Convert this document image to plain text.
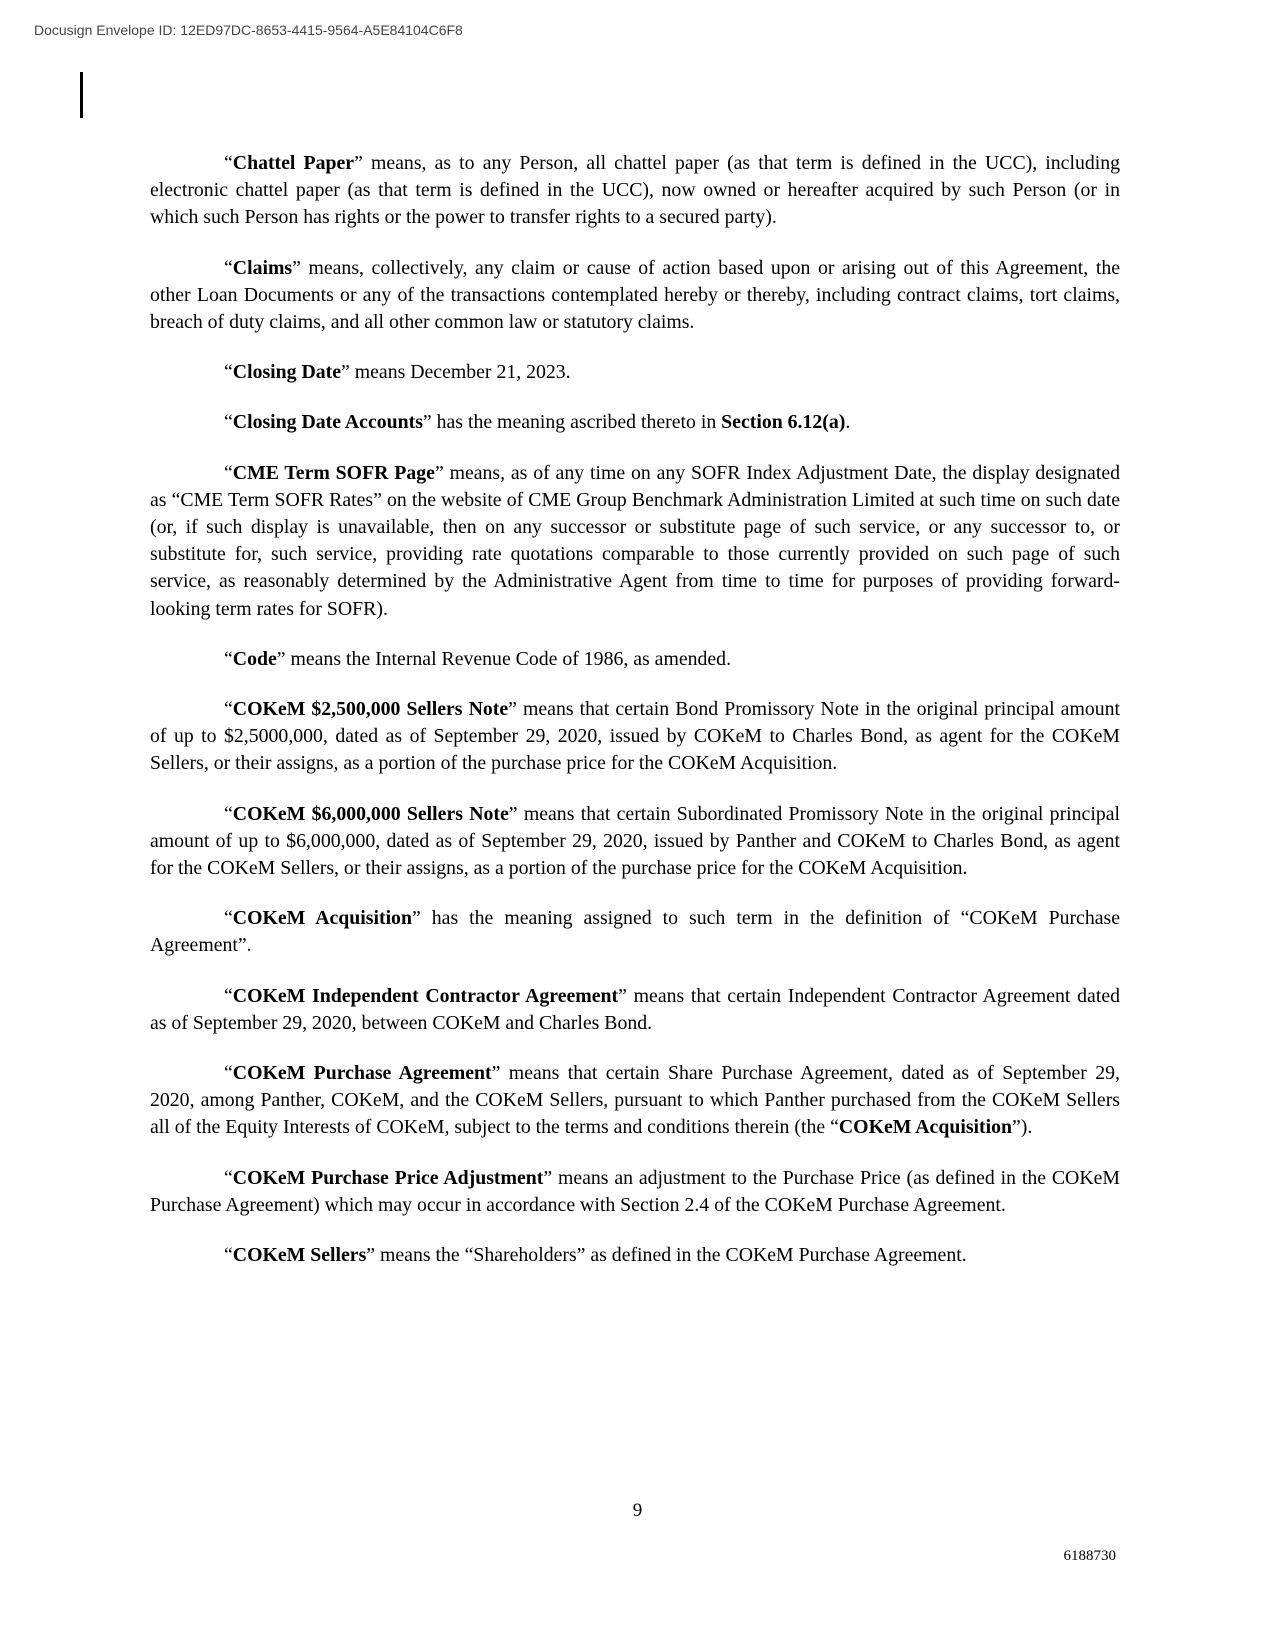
Docusign Envelope ID: 12ED97DC-8653-4415-9564-A5E84104C6F8

“Chattel Paper” means, as to any Person, all chattel paper (as that term is defined in the UCC), including electronic chattel paper (as that term is defined in the UCC), now owned or hereafter acquired by such Person (or in which such Person has rights or the power to transfer rights to a secured party).

“Claims” means, collectively, any claim or cause of action based upon or arising out of this Agreement, the other Loan Documents or any of the transactions contemplated hereby or thereby, including contract claims, tort claims, breach of duty claims, and all other common law or statutory claims.

“Closing Date” means December 21, 2023.

“Closing Date Accounts” has the meaning ascribed thereto in Section 6.12(a).

“CME Term SOFR Page” means, as of any time on any SOFR Index Adjustment Date, the display designated as “CME Term SOFR Rates” on the website of CME Group Benchmark Administration Limited at such time on such date (or, if such display is unavailable, then on any successor or substitute page of such service, or any successor to, or substitute for, such service, providing rate quotations comparable to those currently provided on such page of such service, as reasonably determined by the Administrative Agent from time to time for purposes of providing forward-looking term rates for SOFR).

“Code” means the Internal Revenue Code of 1986, as amended.

“COKeM $2,500,000 Sellers Note” means that certain Bond Promissory Note in the original principal amount of up to $2,5000,000, dated as of September 29, 2020, issued by COKeM to Charles Bond, as agent for the COKeM Sellers, or their assigns, as a portion of the purchase price for the COKeM Acquisition.

“COKeM $6,000,000 Sellers Note” means that certain Subordinated Promissory Note in the original principal amount of up to $6,000,000, dated as of September 29, 2020, issued by Panther and COKeM to Charles Bond, as agent for the COKeM Sellers, or their assigns, as a portion of the purchase price for the COKeM Acquisition.

“COKeM Acquisition” has the meaning assigned to such term in the definition of “COKeM Purchase Agreement”.

“COKeM Independent Contractor Agreement” means that certain Independent Contractor Agreement dated as of September 29, 2020, between COKeM and Charles Bond.

“COKeM Purchase Agreement” means that certain Share Purchase Agreement, dated as of September 29, 2020, among Panther, COKeM, and the COKeM Sellers, pursuant to which Panther purchased from the COKeM Sellers all of the Equity Interests of COKeM, subject to the terms and conditions therein (the “COKeM Acquisition”).

“COKeM Purchase Price Adjustment” means an adjustment to the Purchase Price (as defined in the COKeM Purchase Agreement) which may occur in accordance with Section 2.4 of the COKeM Purchase Agreement.

“COKeM Sellers” means the “Shareholders” as defined in the COKeM Purchase Agreement.

9
6188730
